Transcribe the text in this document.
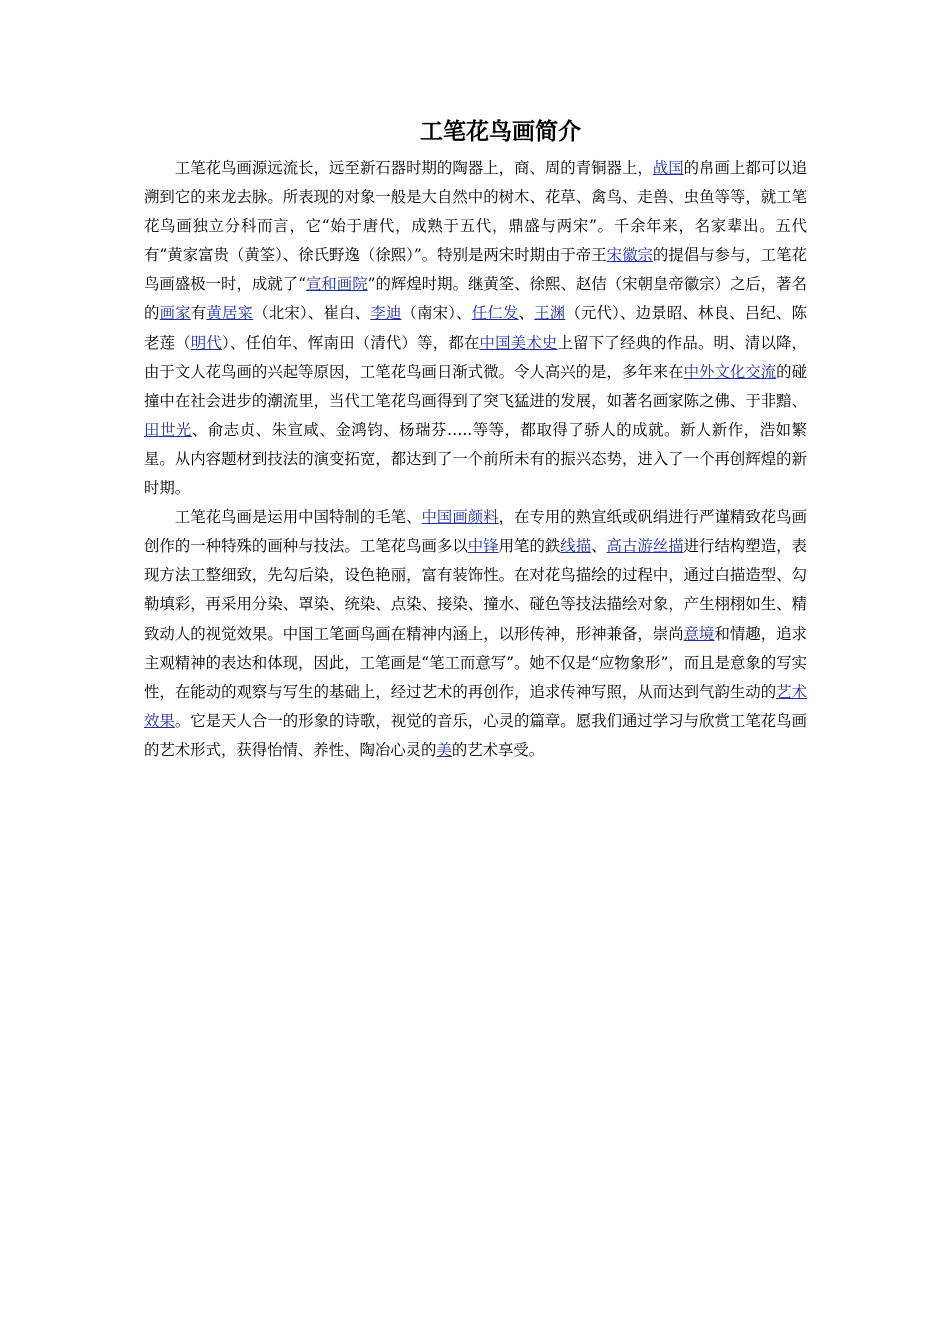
工笔花鸟画简介

工笔花鸟画源远流长，远至新石器时期的陶器上，商、周的青铜器上，战国的帛画上都可以追溯到它的来龙去脉。所表现的对象一般是大自然中的树木、花草、禽鸟、走兽、虫鱼等等，就工笔花鸟画独立分科而言，它“始于唐代，成熟于五代，鼎盛与两宋”。千余年来，名家辈出。五代有“黄家富贵（黄筌）、徐氏野逸（徐熙）”。特别是两宋时期由于帝王宋徽宗的提倡与参与，工笔花鸟画盛极一时，成就了“宣和画院”的辉煌时期。继黄筌、徐熙、赵佶（宋朝皇帝徽宗）之后，著名的画家有黄居寀（北宋）、崔白、李迪（南宋）、任仁发、王渊（元代）、边景昭、林良、吕纪、陈老莲（明代）、任伯年、恽南田（清代）等，都在中国美术史上留下了经典的作品。明、清以降，由于文人花鸟画的兴起等原因，工笔花鸟画日渐式微。令人高兴的是，多年来在中外文化交流的碰撞中在社会进步的潮流里，当代工笔花鸟画得到了突飞猛进的发展，如著名画家陈之佛、于非黯、田世光、俞志贞、朱宣咸、金鸿钧、杨瑞芬…..等等，都取得了骄人的成就。新人新作，浩如繁星。从内容题材到技法的演变拓宽，都达到了一个前所未有的振兴态势，进入了一个再创辉煌的新时期。

工笔花鸟画是运用中国特制的毛笔、中国画颜料，在专用的熟宣纸或矾绢进行严谨精致花鸟画创作的一种特殊的画种与技法。工笔花鸟画多以中锋用笔的鉄线描、高古游丝描进行结构塑造，表现方法工整细致，先勾后染，设色艳丽，富有装饰性。在对花鸟描绘的过程中，通过白描造型、勾勒填彩，再采用分染、罩染、统染、点染、接染、撞水、碰色等技法描绘对象，产生栩栩如生、精致动人的视觉效果。中国工笔画鸟画在精神内涵上，以形传神，形神兼备，崇尚意境和情趣，追求主观精神的表达和体现，因此，工笔画是“笔工而意写”。她不仅是“应物象形”，而且是意象的写实性，在能动的观察与写生的基础上，经过艺术的再创作，追求传神写照，从而达到气韵生动的艺术效果。它是天人合一的形象的诗歌，视觉的音乐，心灵的篇章。愿我们通过学习与欣赏工笔花鸟画的艺术形式，获得怡情、养性、陶冶心灵的美的艺术享受。
